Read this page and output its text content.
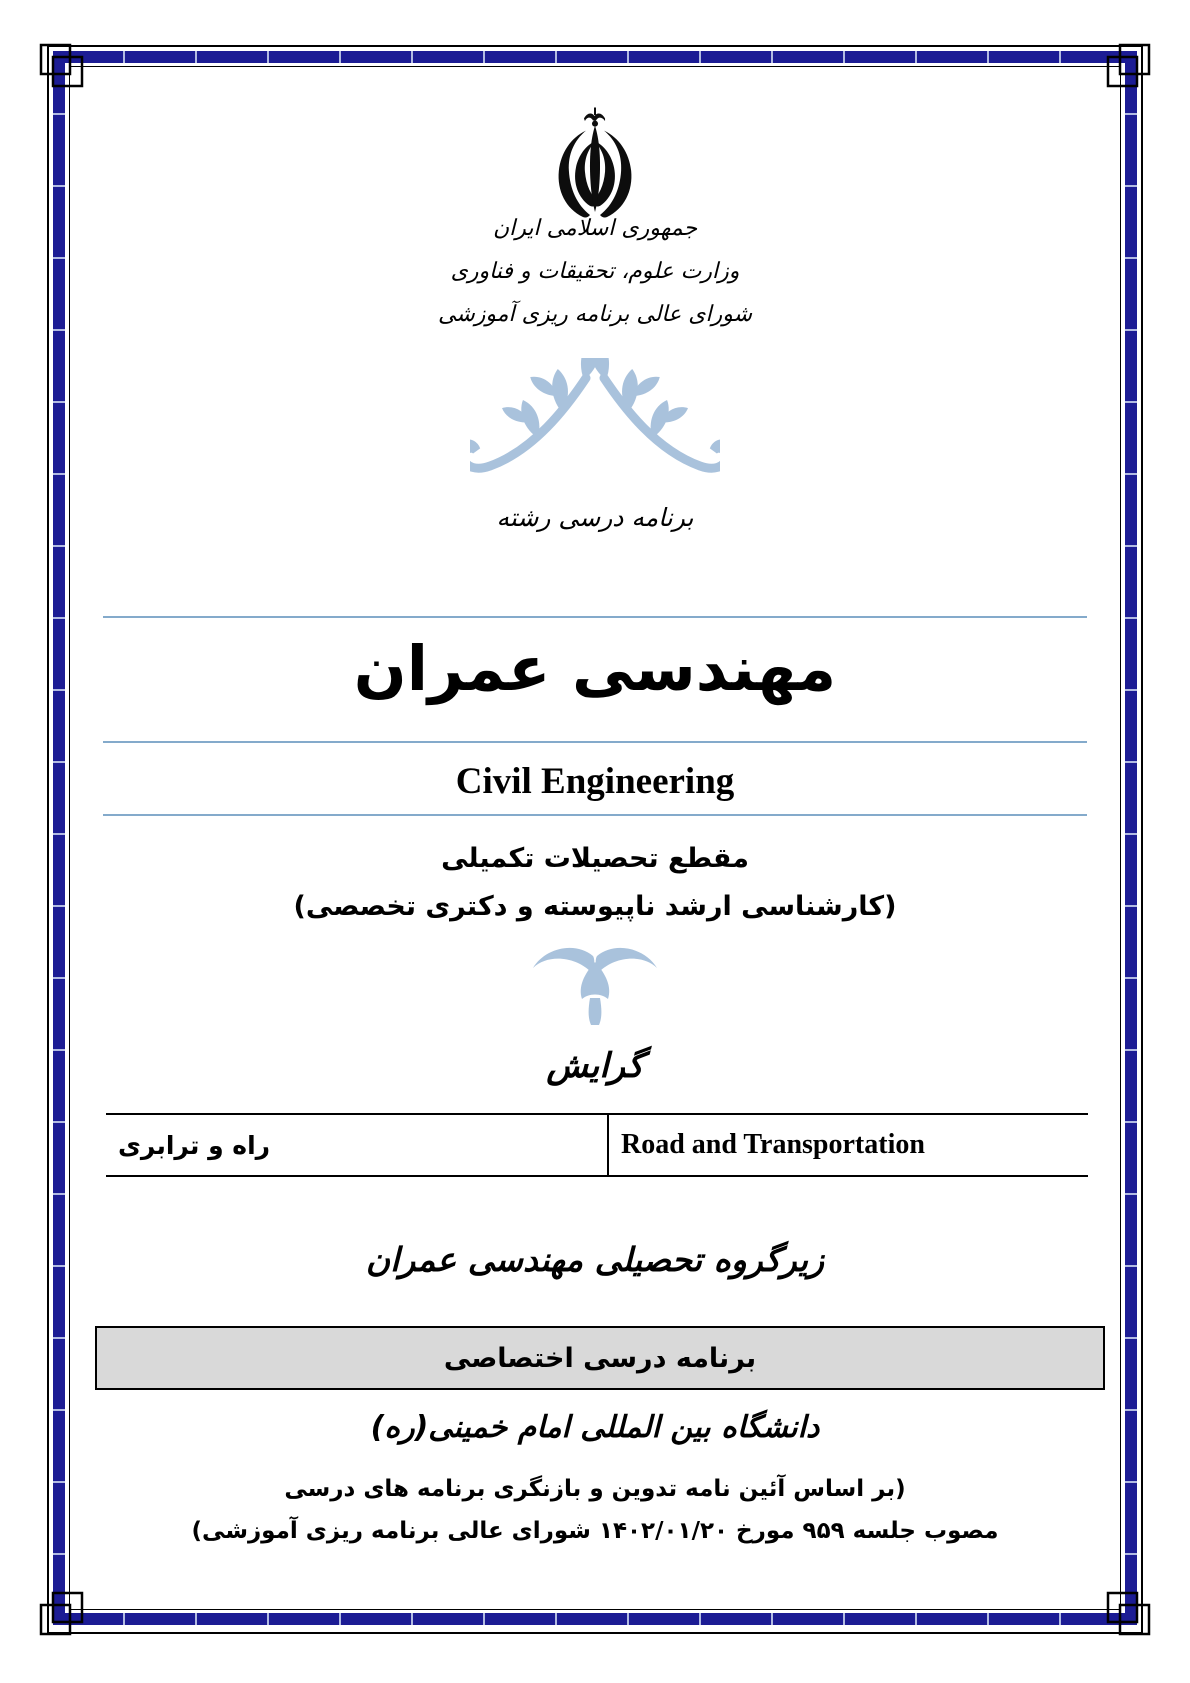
جمهوری اسلامی ایران
وزارت علوم، تحقیقات و فناوری
شورای عالی برنامه ریزی آموزشی
برنامه درسی رشته
مهندسی عمران
Civil Engineering
مقطع تحصیلات تکمیلی
(کارشناسی ارشد ناپیوسته و دکتری تخصصی)
گرایش
راه و ترابری	Road and Transportation
زیرگروه تحصیلی مهندسی عمران
برنامه درسی اختصاصی
دانشگاه بین المللی امام خمینی(ره)
(بر اساس آئین نامه تدوین و بازنگری برنامه های درسی
مصوب جلسه ۹۵۹ مورخ ۱۴۰۲/۰۱/۲۰ شورای عالی برنامه ریزی آموزشی)
